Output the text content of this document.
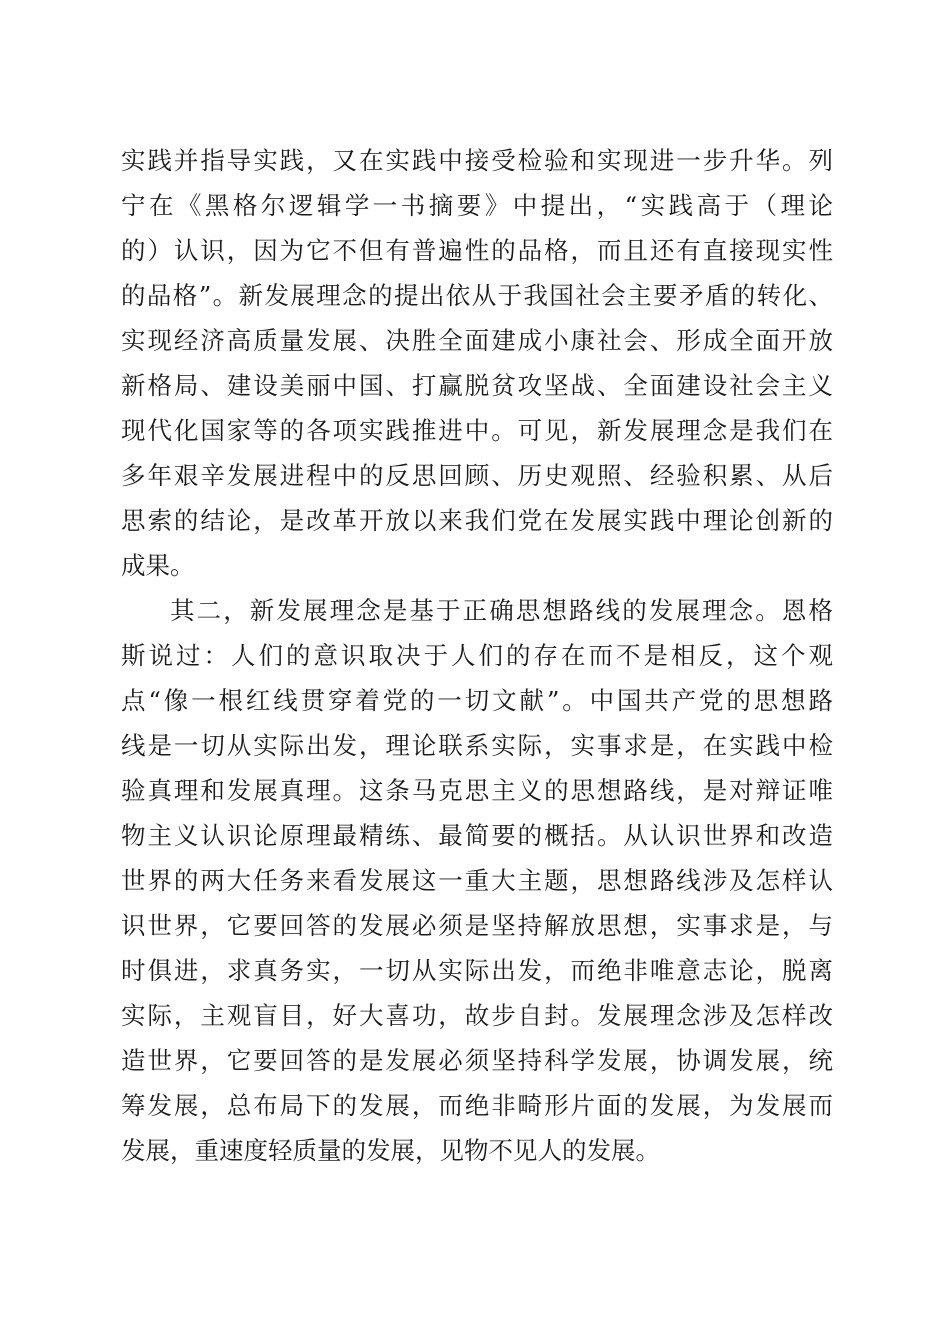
实践并指导实践，又在实践中接受检验和实现进一步升华。列
宁在《黑格尔逻辑学一书摘要》中提出，“实践高于（理论
的）认识，因为它不但有普遍性的品格，而且还有直接现实性
的品格”。新发展理念的提出依从于我国社会主要矛盾的转化、
实现经济高质量发展、决胜全面建成小康社会、形成全面开放
新格局、建设美丽中国、打赢脱贫攻坚战、全面建设社会主义
现代化国家等的各项实践推进中。可见，新发展理念是我们在
多年艰辛发展进程中的反思回顾、历史观照、经验积累、从后
思索的结论，是改革开放以来我们党在发展实践中理论创新的
成果。
其二，新发展理念是基于正确思想路线的发展理念。恩格
斯说过：人们的意识取决于人们的存在而不是相反，这个观
点“像一根红线贯穿着党的一切文献”。中国共产党的思想路
线是一切从实际出发，理论联系实际，实事求是，在实践中检
验真理和发展真理。这条马克思主义的思想路线，是对辩证唯
物主义认识论原理最精练、最简要的概括。从认识世界和改造
世界的两大任务来看发展这一重大主题，思想路线涉及怎样认
识世界，它要回答的发展必须是坚持解放思想，实事求是，与
时俱进，求真务实，一切从实际出发，而绝非唯意志论，脱离
实际，主观盲目，好大喜功，故步自封。发展理念涉及怎样改
造世界，它要回答的是发展必须坚持科学发展，协调发展，统
筹发展，总布局下的发展，而绝非畸形片面的发展，为发展而
发展，重速度轻质量的发展，见物不见人的发展。
